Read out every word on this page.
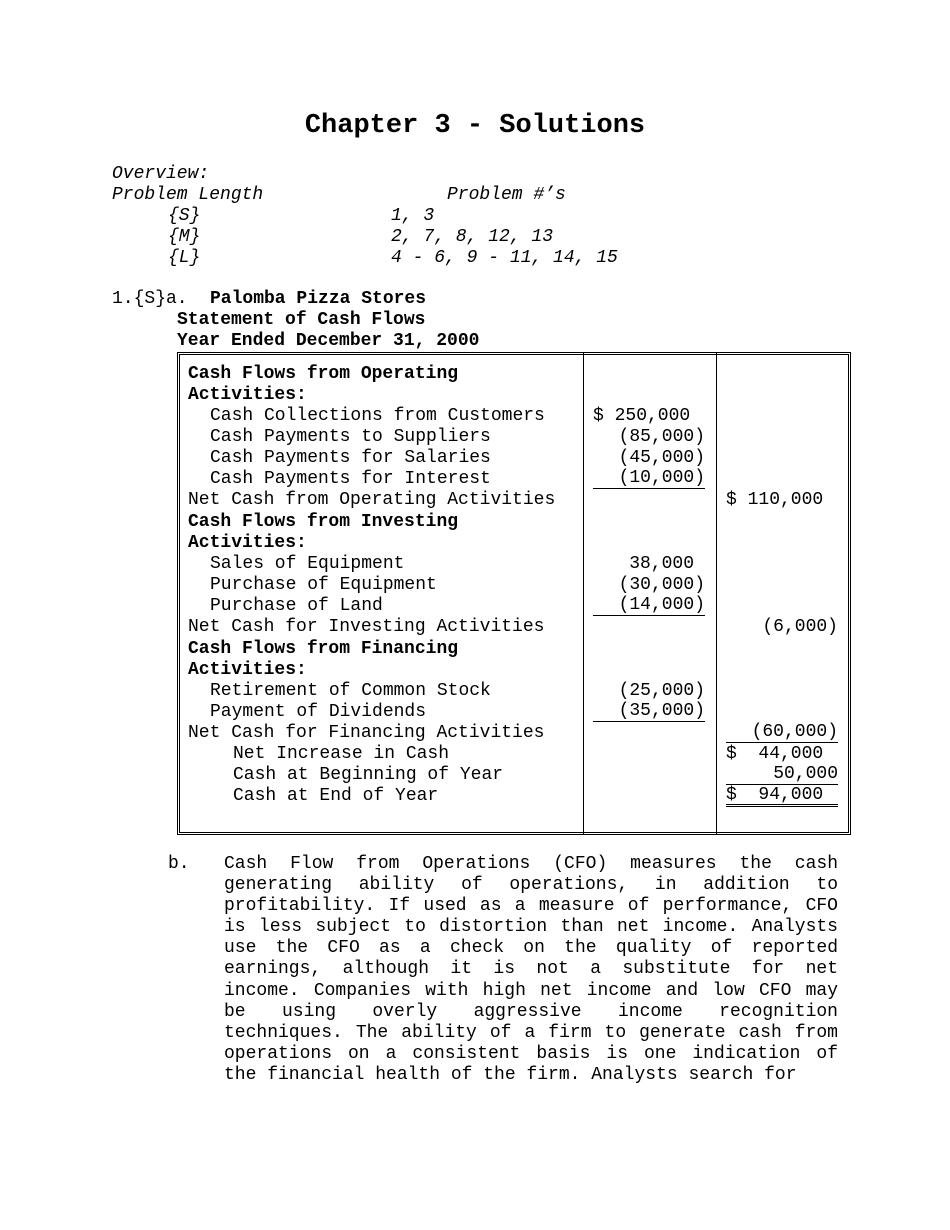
Chapter 3 - Solutions
Overview:
Problem Length	Problem #’s
{S}	1, 3
{M}	2, 7, 8, 12, 13
{L}	4 - 6, 9 - 11, 14, 15
1.{S}a. Palomba Pizza Stores
Statement of Cash Flows
Year Ended December 31, 2000
Cash Flows from Operating
Activities:
Cash Collections from Customers	$ 250,000
Cash Payments to Suppliers	(85,000)
Cash Payments for Salaries	(45,000)
Cash Payments for Interest	(10,000)
Net Cash from Operating Activities	$ 110,000
Cash Flows from Investing
Activities:
Sales of Equipment	38,000
Purchase of Equipment	(30,000)
Purchase of Land	(14,000)
Net Cash for Investing Activities	(6,000)
Cash Flows from Financing
Activities:
Retirement of Common Stock	(25,000)
Payment of Dividends	(35,000)
Net Cash for Financing Activities	(60,000)
Net Increase in Cash	$  44,000
Cash at Beginning of Year	50,000
Cash at End of Year	$  94,000
b. Cash Flow from Operations (CFO) measures the cash generating ability of operations, in addition to profitability. If used as a measure of performance, CFO is less subject to distortion than net income. Analysts use the CFO as a check on the quality of reported earnings, although it is not a substitute for net income. Companies with high net income and low CFO may be using overly aggressive income recognition techniques. The ability of a firm to generate cash from operations on a consistent basis is one indication of the financial health of the firm. Analysts search for
